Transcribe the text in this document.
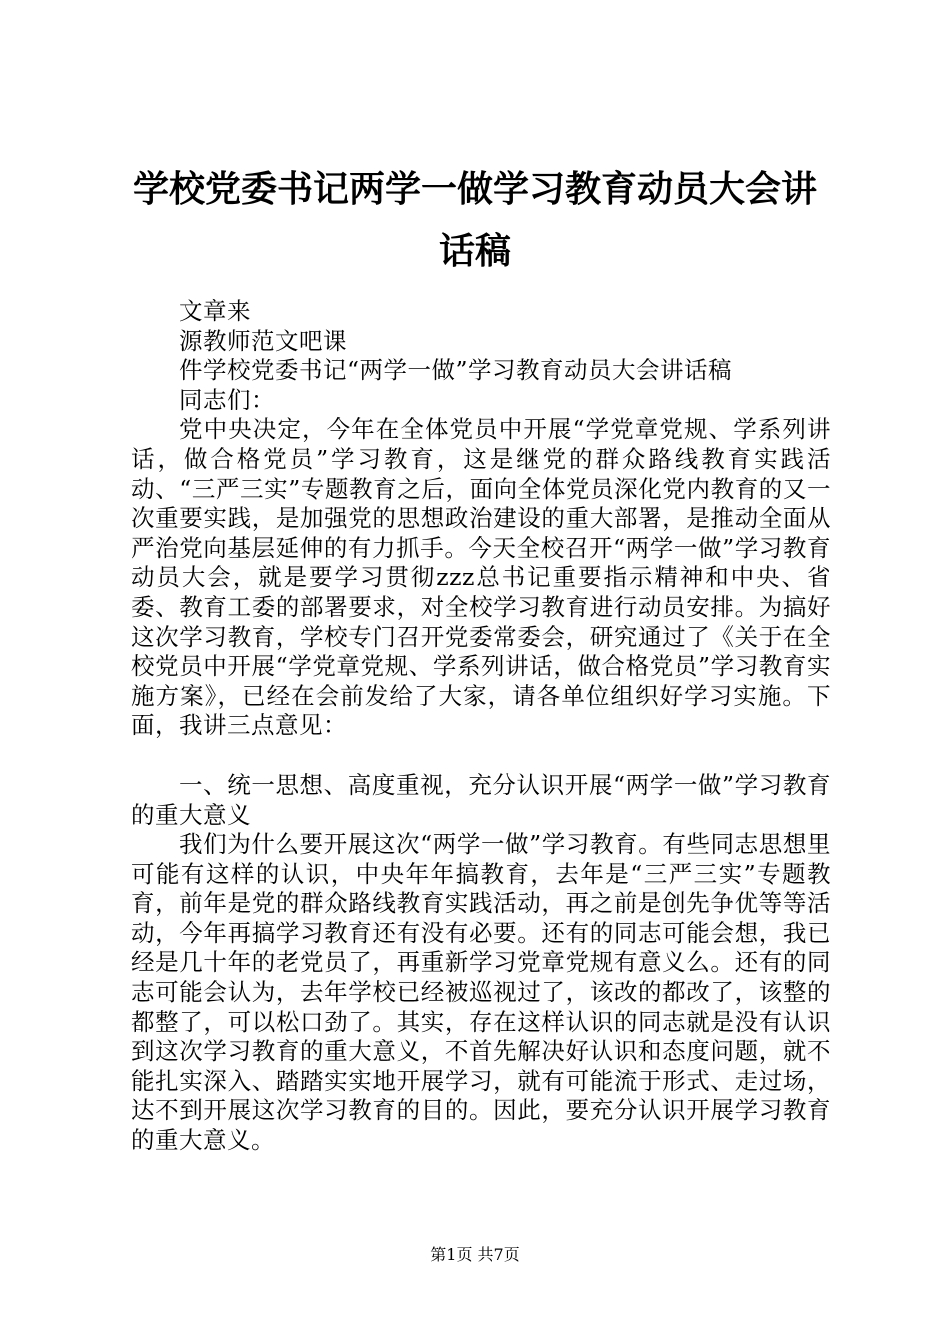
学校党委书记两学一做学习教育动员大会讲话稿

文章来

源教师范文吧课

件学校党委书记“两学一做”学习教育动员大会讲话稿

同志们：

党中央决定，今年在全体党员中开展“学党章党规、学系列讲话，做合格党员”学习教育，这是继党的群众路线教育实践活动、“三严三实”专题教育之后，面向全体党员深化党内教育的又一次重要实践，是加强党的思想政治建设的重大部署，是推动全面从严治党向基层延伸的有力抓手。今天全校召开“两学一做”学习教育动员大会，就是要学习贯彻zzz总书记重要指示精神和中央、省委、教育工委的部署要求，对全校学习教育进行动员安排。为搞好这次学习教育，学校专门召开党委常委会，研究通过了《关于在全校党员中开展“学党章党规、学系列讲话，做合格党员”学习教育实施方案》，已经在会前发给了大家，请各单位组织好学习实施。下面，我讲三点意见：

一、统一思想、高度重视，充分认识开展“两学一做”学习教育的重大意义

我们为什么要开展这次“两学一做”学习教育。有些同志思想里可能有这样的认识，中央年年搞教育，去年是“三严三实”专题教育，前年是党的群众路线教育实践活动，再之前是创先争优等等活动，今年再搞学习教育还有没有必要。还有的同志可能会想，我已经是几十年的老党员了，再重新学习党章党规有意义么。还有的同志可能会认为，去年学校已经被巡视过了，该改的都改了，该整的都整了，可以松口劲了。其实，存在这样认识的同志就是没有认识到这次学习教育的重大意义，不首先解决好认识和态度问题，就不能扎实深入、踏踏实实地开展学习，就有可能流于形式、走过场，达不到开展这次学习教育的目的。因此，要充分认识开展学习教育的重大意义。

第1页 共7页
